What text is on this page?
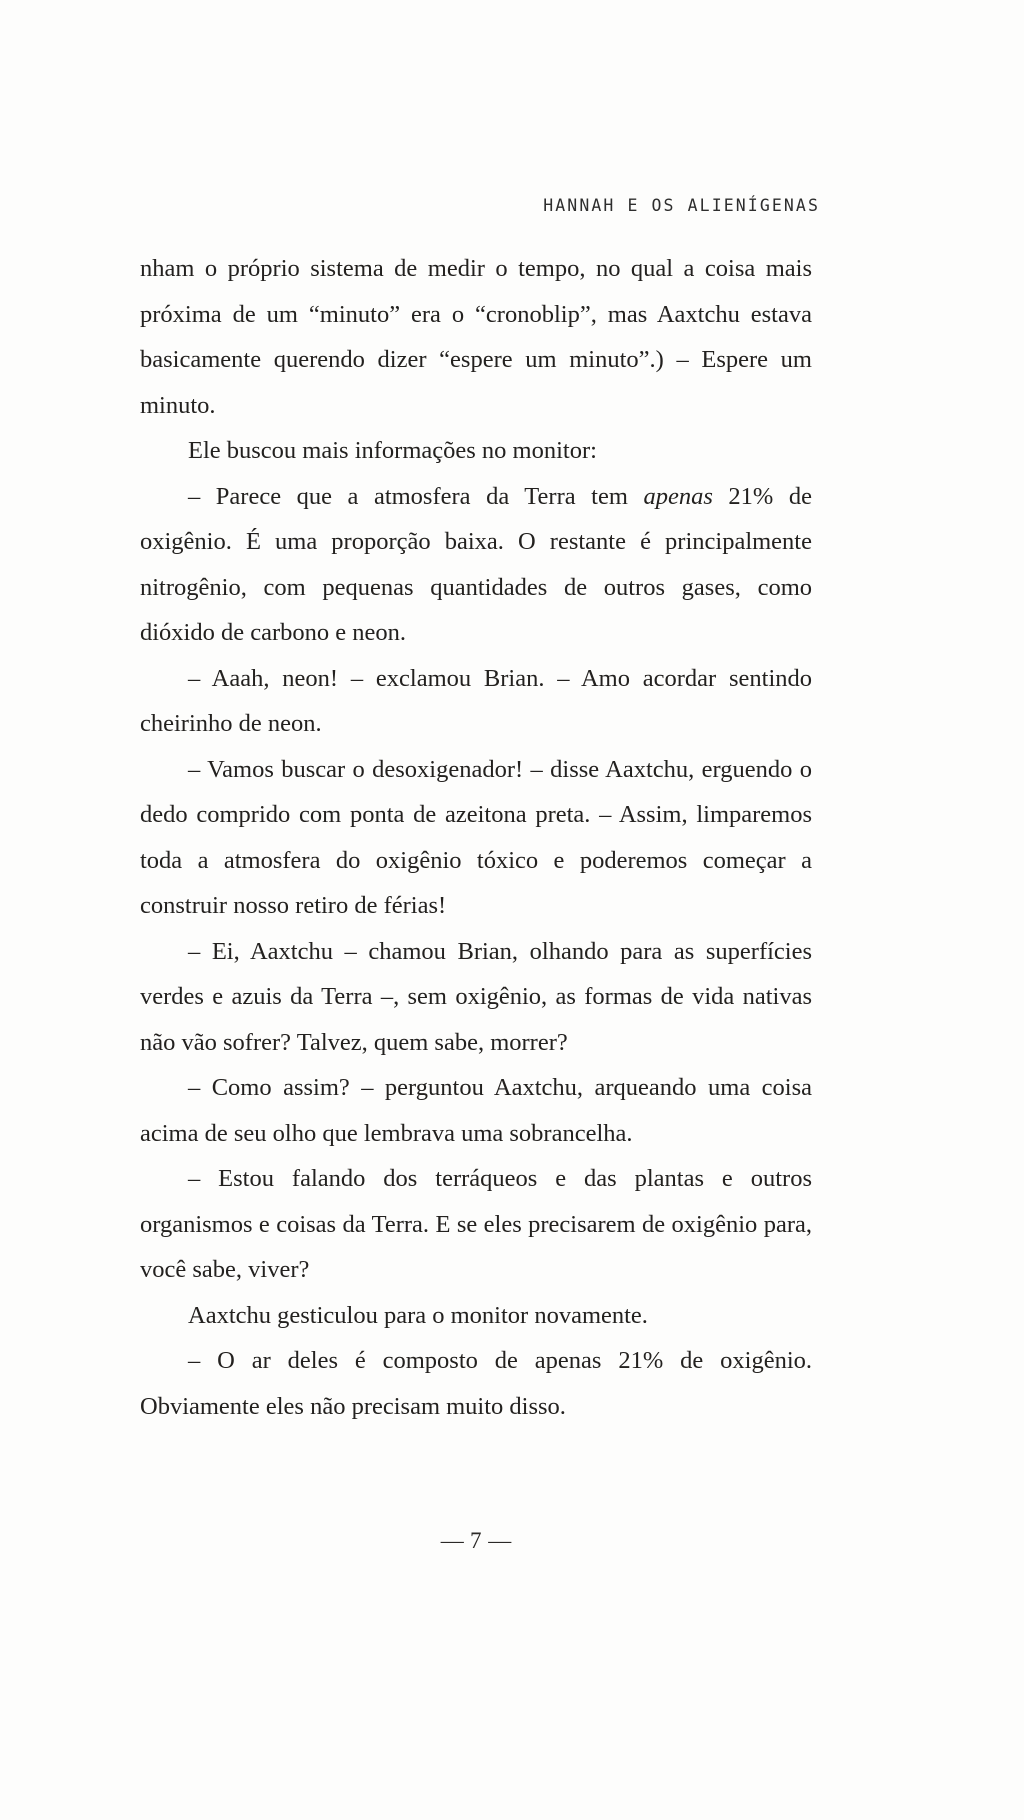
HANNAH E OS ALIENÍGENAS

nham o próprio sistema de medir o tempo, no qual a coisa mais próxima de um “minuto” era o “cronoblip”, mas Aaxtchu estava basicamente querendo dizer “espere um minuto”.) – Espere um minuto.

Ele buscou mais informações no monitor:

– Parece que a atmosfera da Terra tem apenas 21% de oxigênio. É uma proporção baixa. O restante é principalmente nitrogênio, com pequenas quantidades de outros gases, como dióxido de carbono e neon.

– Aaah, neon! – exclamou Brian. – Amo acordar sentindo cheirinho de neon.

– Vamos buscar o desoxigenador! – disse Aaxtchu, erguendo o dedo comprido com ponta de azeitona preta. – Assim, limparemos toda a atmosfera do oxigênio tóxico e poderemos começar a construir nosso retiro de férias!

– Ei, Aaxtchu – chamou Brian, olhando para as superfícies verdes e azuis da Terra –, sem oxigênio, as formas de vida nativas não vão sofrer? Talvez, quem sabe, morrer?

– Como assim? – perguntou Aaxtchu, arqueando uma coisa acima de seu olho que lembrava uma sobrancelha.

– Estou falando dos terráqueos e das plantas e outros organismos e coisas da Terra. E se eles precisarem de oxigênio para, você sabe, viver?

Aaxtchu gesticulou para o monitor novamente.

– O ar deles é composto de apenas 21% de oxigênio. Obviamente eles não precisam muito disso.

— 7 —
